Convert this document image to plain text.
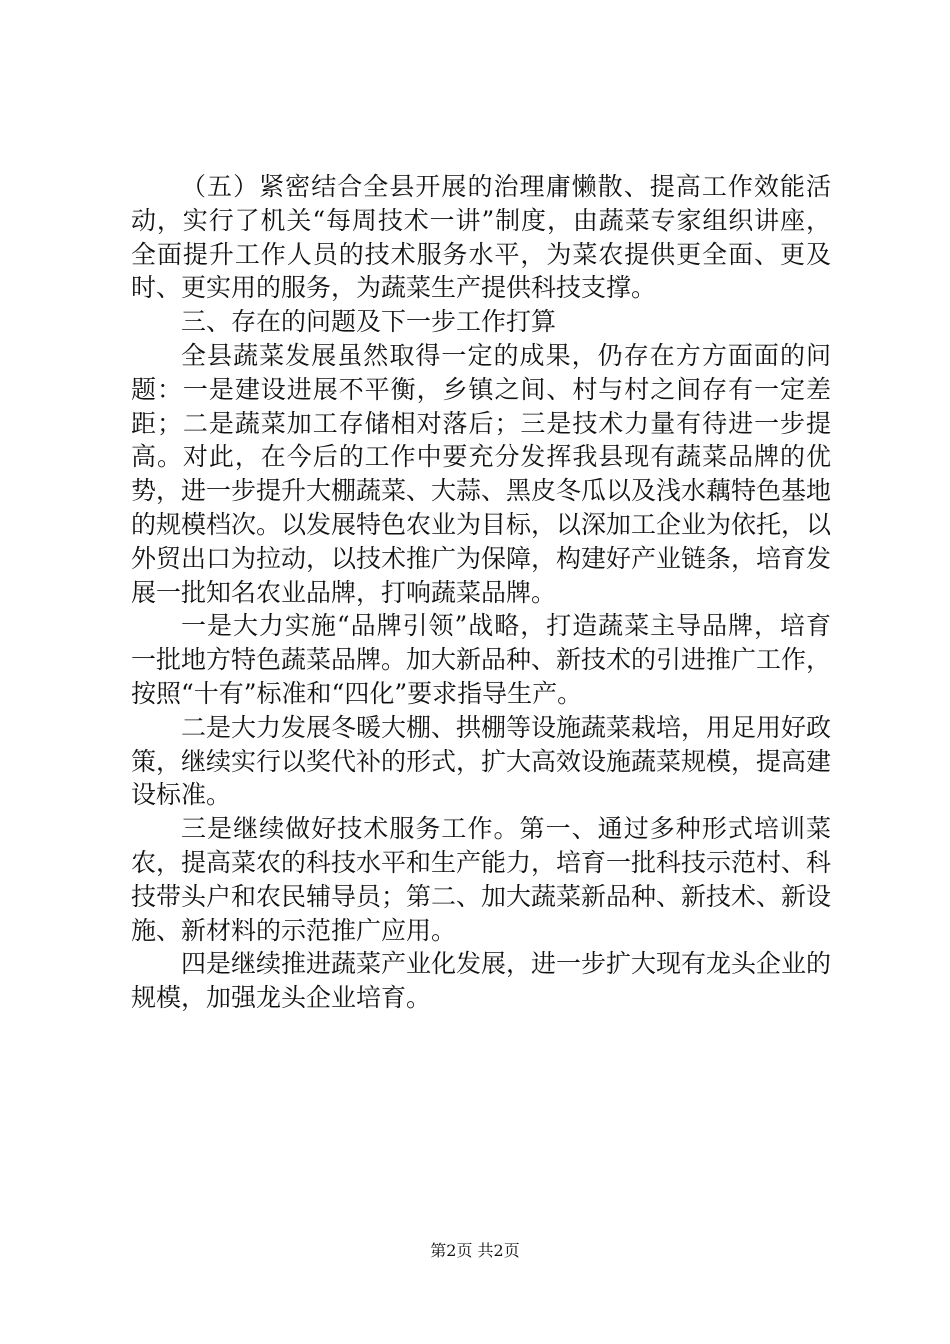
（五）紧密结合全县开展的治理庸懒散、提高工作效能活动，实行了机关“每周技术一讲”制度，由蔬菜专家组织讲座，全面提升工作人员的技术服务水平，为菜农提供更全面、更及时、更实用的服务，为蔬菜生产提供科技支撑。

三、存在的问题及下一步工作打算

全县蔬菜发展虽然取得一定的成果，仍存在方方面面的问题：一是建设进展不平衡，乡镇之间、村与村之间存有一定差距；二是蔬菜加工存储相对落后；三是技术力量有待进一步提高。对此，在今后的工作中要充分发挥我县现有蔬菜品牌的优势，进一步提升大棚蔬菜、大蒜、黑皮冬瓜以及浅水藕特色基地的规模档次。以发展特色农业为目标，以深加工企业为依托，以外贸出口为拉动，以技术推广为保障，构建好产业链条，培育发展一批知名农业品牌，打响蔬菜品牌。

一是大力实施“品牌引领”战略，打造蔬菜主导品牌，培育一批地方特色蔬菜品牌。加大新品种、新技术的引进推广工作，按照“十有”标准和“四化”要求指导生产。

二是大力发展冬暖大棚、拱棚等设施蔬菜栽培，用足用好政策，继续实行以奖代补的形式，扩大高效设施蔬菜规模，提高建设标准。

三是继续做好技术服务工作。第一、通过多种形式培训菜农，提高菜农的科技水平和生产能力，培育一批科技示范村、科技带头户和农民辅导员；第二、加大蔬菜新品种、新技术、新设施、新材料的示范推广应用。

四是继续推进蔬菜产业化发展，进一步扩大现有龙头企业的规模，加强龙头企业培育。

第2页 共2页
